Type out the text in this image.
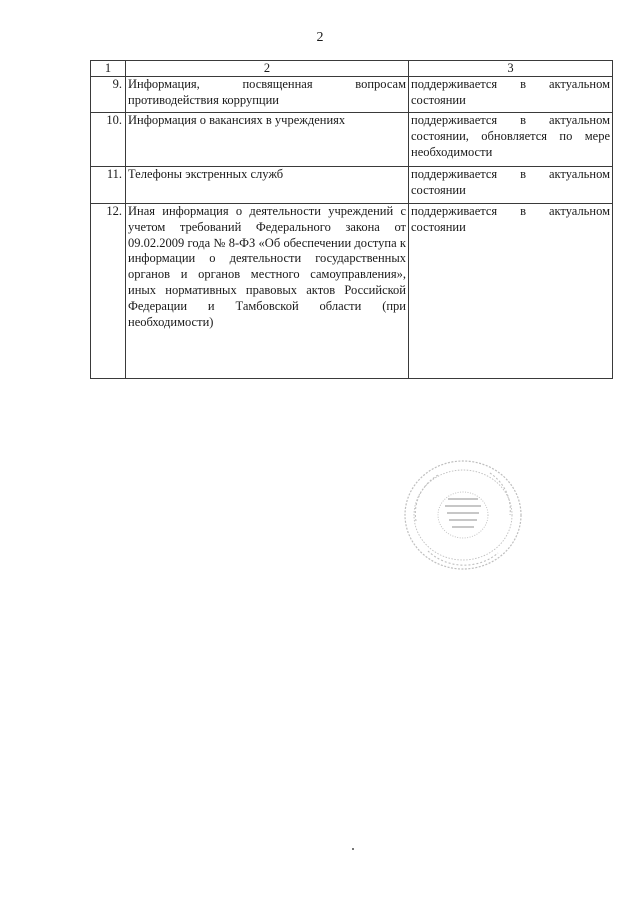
2
1	2	3
9.	Информация, посвященная вопросам противодействия коррупции	поддерживается в актуальном состоянии
10.	Информация о вакансиях в учреждениях	поддерживается в актуальном состоянии, обновляется по мере необходимости
11.	Телефоны экстренных служб	поддерживается в актуальном состоянии
12.	Иная информация о деятельности учреждений с учетом требований Федерального закона от 09.02.2009 года № 8-ФЗ «Об обеспечении доступа к информации о деятельности государственных органов и органов местного самоуправления», иных нормативных правовых актов Российской Федерации и Тамбовской области (при необходимости)	поддерживается в актуальном состоянии
